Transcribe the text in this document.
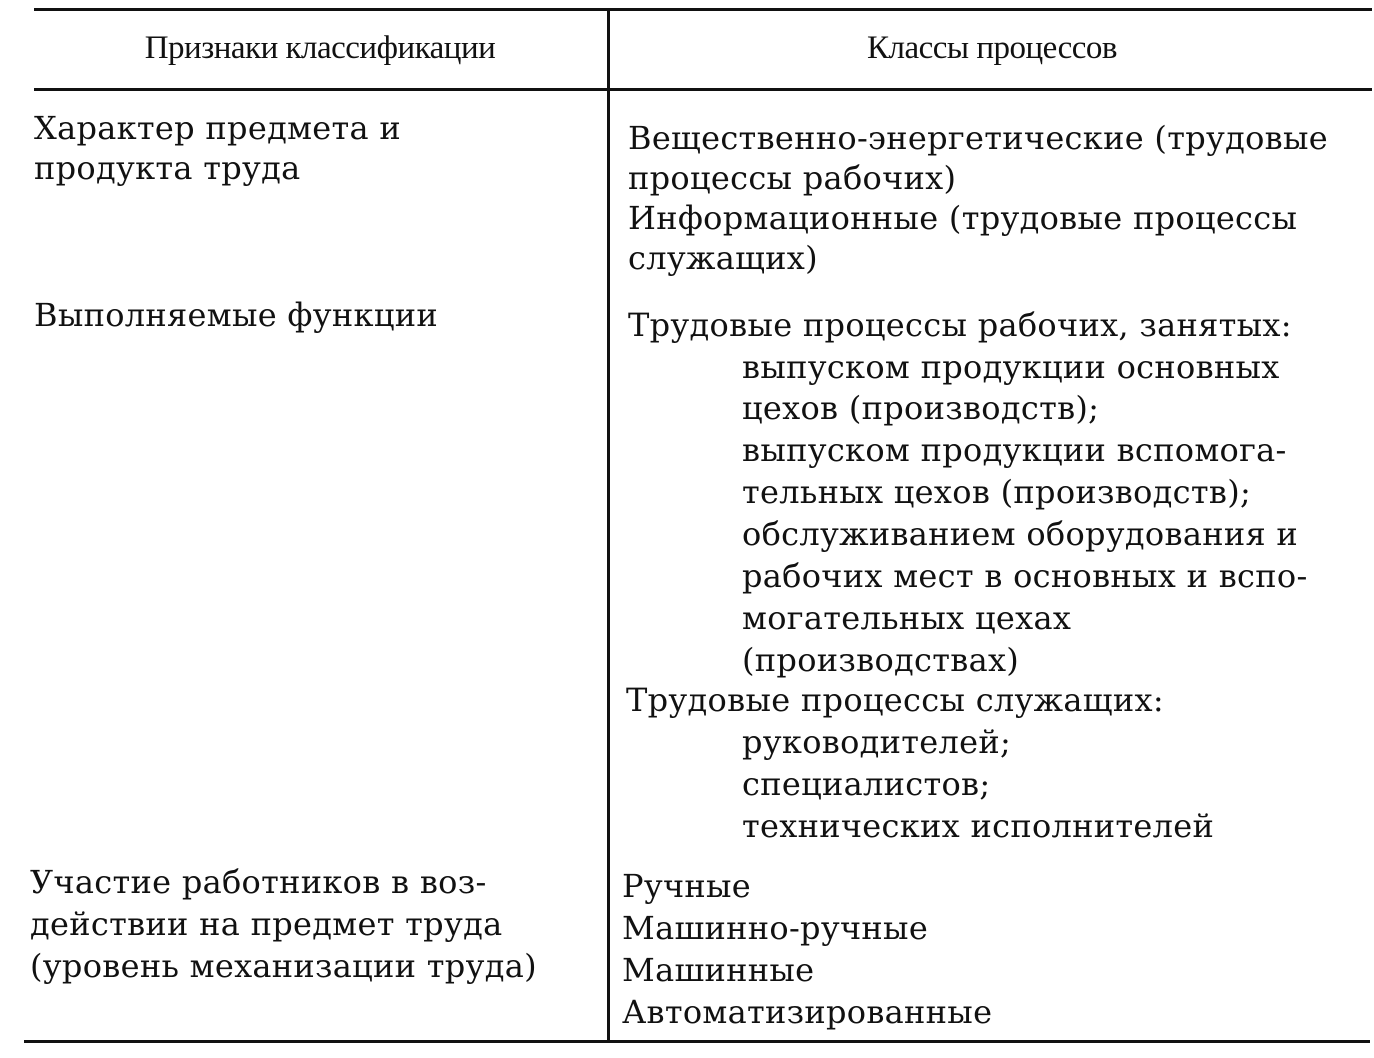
Признаки классификации	Классы процессов
Характер предмета и
продукта труда
Вещественно-энергетические (трудовые
процессы рабочих)
Информационные (трудовые процессы
служащих)
Выполняемые функции	Трудовые процессы рабочих, занятых:
выпуском продукции основных
цехов (производств);
выпуском продукции вспомога-
тельных цехов (производств);
обслуживанием оборудования и
рабочих мест в основных и вспо-
могательных цехах
(производствах)
Трудовые процессы служащих:
руководителей;
специалистов;
технических исполнителей
Участие работников в воз-
действии на предмет труда
(уровень механизации труда)
Ручные
Машинно-ручные
Машинные
Автоматизированные
